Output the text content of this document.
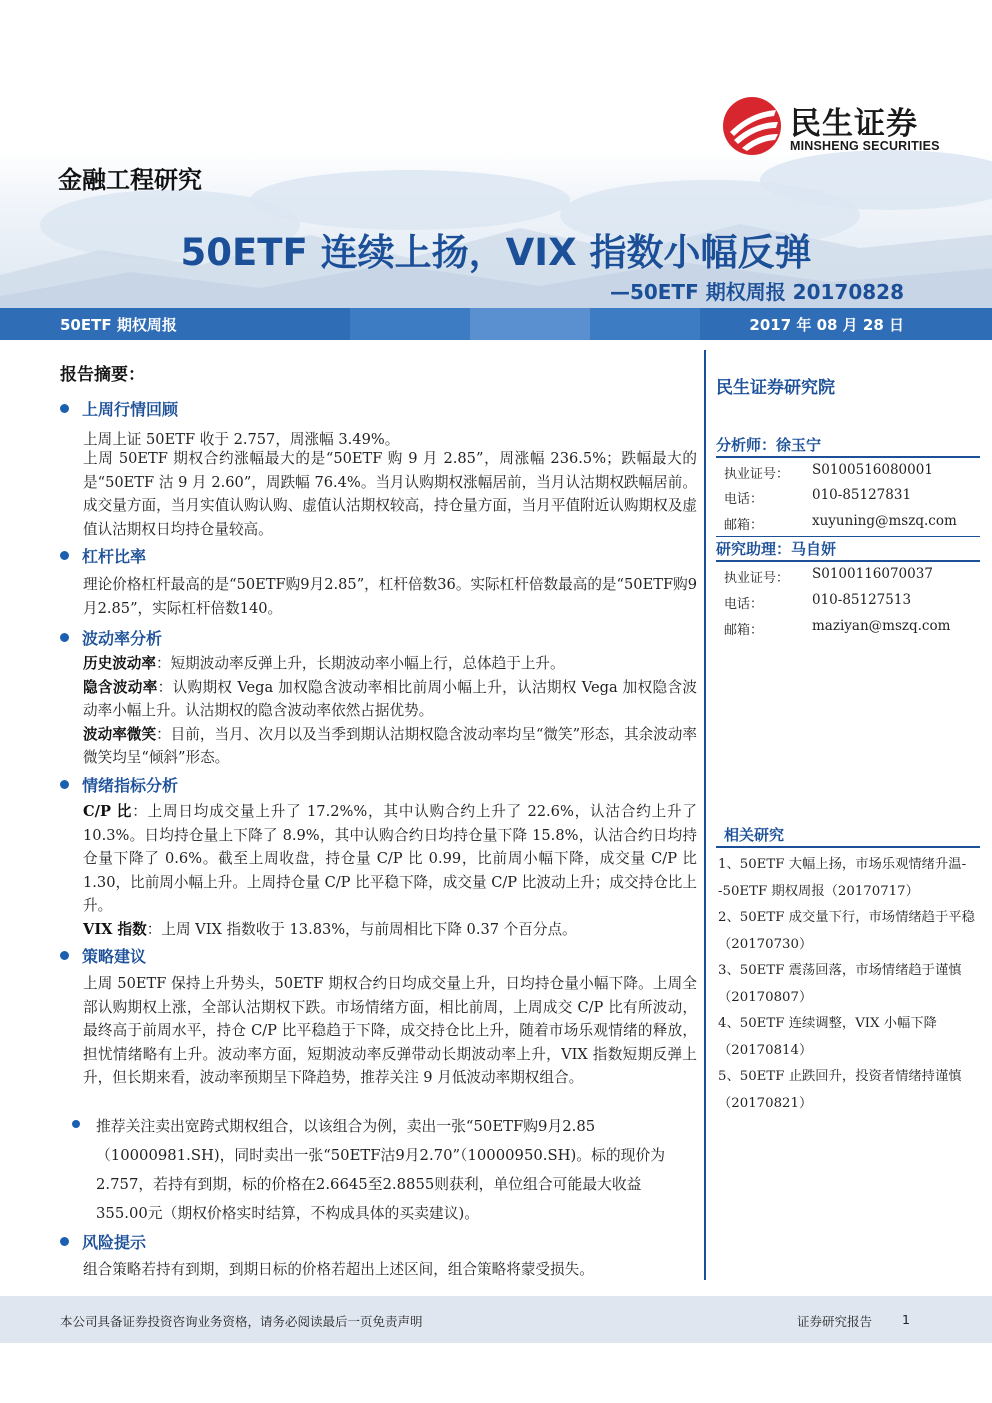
民生证券
MINSHENG SECURITIES
金融工程研究
50ETF 连续上扬，VIX 指数小幅反弹
—50ETF 期权周报 20170828
50ETF 期权周报	2017 年 08 月 28 日
报告摘要：
上周行情回顾
上周上证 50ETF 收于 2.757，周涨幅 3.49%。
上周 50ETF 期权合约涨幅最大的是“50ETF 购 9 月 2.85”，周涨幅 236.5%；跌幅最大的是“50ETF 沽 9 月 2.60”，周跌幅 76.4%。当月认购期权涨幅居前，当月认沽期权跌幅居前。成交量方面，当月实值认购认购、虚值认沽期权较高，持仓量方面，当月平值附近认购期权及虚值认沽期权日均持仓量较高。
杠杆比率
理论价格杠杆最高的是“50ETF购9月2.85”，杠杆倍数36。实际杠杆倍数最高的是“50ETF购9月2.85”，实际杠杆倍数140。
波动率分析
历史波动率：短期波动率反弹上升，长期波动率小幅上行，总体趋于上升。
隐含波动率：认购期权 Vega 加权隐含波动率相比前周小幅上升，认沽期权 Vega 加权隐含波动率小幅上升。认沽期权的隐含波动率依然占据优势。
波动率微笑：目前，当月、次月以及当季到期认沽期权隐含波动率均呈“微笑”形态，其余波动率微笑均呈“倾斜”形态。
情绪指标分析
C/P 比：上周日均成交量上升了 17.2%%，其中认购合约上升了 22.6%，认沽合约上升了 10.3%。日均持仓量上下降了 8.9%，其中认购合约日均持仓量下降 15.8%，认沽合约日均持仓量下降了 0.6%。截至上周收盘，持仓量 C/P 比 0.99，比前周小幅下降，成交量 C/P 比 1.30，比前周小幅上升。上周持仓量 C/P 比平稳下降，成交量 C/P 比波动上升；成交持仓比上升。
VIX 指数：上周 VIX 指数收于 13.83%，与前周相比下降 0.37 个百分点。
策略建议
上周 50ETF 保持上升势头，50ETF 期权合约日均成交量上升，日均持仓量小幅下降。上周全部认购期权上涨，全部认沽期权下跌。市场情绪方面，相比前周，上周成交 C/P 比有所波动，最终高于前周水平，持仓 C/P 比平稳趋于下降，成交持仓比上升，随着市场乐观情绪的释放，担忧情绪略有上升。波动率方面，短期波动率反弹带动长期波动率上升，VIX 指数短期反弹上升，但长期来看，波动率预期呈下降趋势，推荐关注 9 月低波动率期权组合。
推荐关注卖出宽跨式期权组合，以该组合为例，卖出一张“50ETF购9月2.85（10000981.SH)，同时卖出一张“50ETF沽9月2.70”（10000950.SH)。标的现价为2.757，若持有到期，标的价格在2.6645至2.8855则获利，单位组合可能最大收益355.00元（期权价格实时结算，不构成具体的买卖建议)。
风险提示
组合策略若持有到期，到期日标的价格若超出上述区间，组合策略将蒙受损失。
民生证券研究院
分析师：徐玉宁
执业证号： S0100516080001
电话：	010-85127831
邮箱：	xuyuning@mszq.com
研究助理：马自妍
执业证号： S0100116070037
电话：	010-85127513
邮箱：	maziyan@mszq.com
相关研究
1、50ETF 大幅上扬，市场乐观情绪升温--50ETF 期权周报（20170717）
2、50ETF 成交量下行，市场情绪趋于平稳（20170730）
3、50ETF 震荡回落，市场情绪趋于谨慎（20170807）
4、50ETF 连续调整，VIX 小幅下降（20170814）
5、50ETF 止跌回升，投资者情绪持谨慎（20170821）
本公司具备证券投资咨询业务资格，请务必阅读最后一页免责声明	证券研究报告 1
